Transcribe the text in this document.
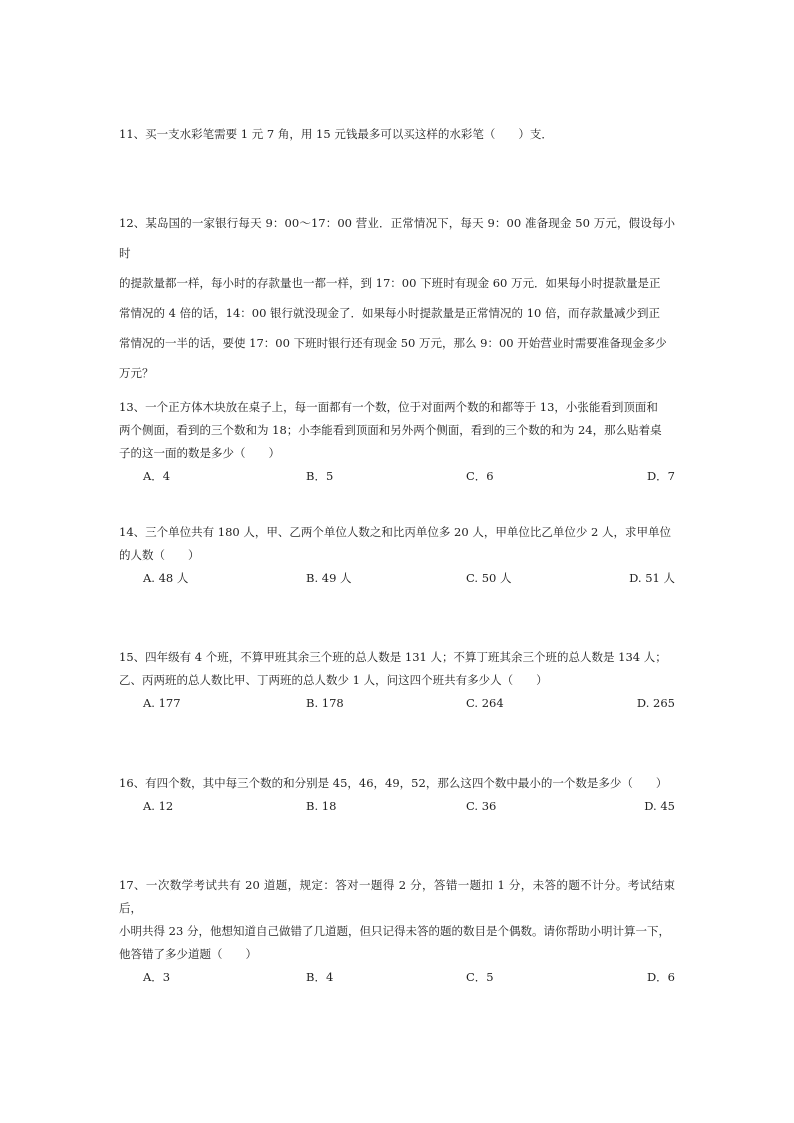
11、买一支水彩笔需要 1 元 7 角，用 15 元钱最多可以买这样的水彩笔（　　）支．

12、某岛国的一家银行每天 9：00～17：00 营业．正常情况下，每天 9：00 准备现金 50 万元，假设每小时

的提款量都一样，每小时的存款量也一都一样，到 17：00 下班时有现金 60 万元．如果每小时提款量是正

常情况的 4 倍的话，14：00 银行就没现金了．如果每小时提款量是正常情况的 10 倍，而存款量减少到正

常情况的一半的话，要使 17：00 下班时银行还有现金 50 万元，那么 9：00 开始营业时需要准备现金多少

万元？

13、一个正方体木块放在桌子上，每一面都有一个数，位于对面两个数的和都等于 13，小张能看到顶面和

两个侧面，看到的三个数和为 18；小李能看到顶面和另外两个侧面，看到的三个数的和为 24，那么贴着桌

子的这一面的数是多少（　　）

A．4	B．5	C．6	D．7

14、三个单位共有 180 人，甲、乙两个单位人数之和比丙单位多 20 人，甲单位比乙单位少 2 人，求甲单位

的人数（　　）

A. 48 人	B. 49 人	C. 50 人	D. 51 人

15、四年级有 4 个班，不算甲班其余三个班的总人数是 131 人；不算丁班其余三个班的总人数是 134 人；

乙、丙两班的总人数比甲、丁两班的总人数少 1 人，问这四个班共有多少人（　　）

A. 177	B. 178	C. 264	D. 265

16、有四个数，其中每三个数的和分别是 45，46，49，52，那么这四个数中最小的一个数是多少（　　）

A. 12	B. 18	C. 36	D. 45

17、一次数学考试共有 20 道题，规定：答对一题得 2 分，答错一题扣 1 分，未答的题不计分。考试结束后，

小明共得 23 分，他想知道自己做错了几道题，但只记得未答的题的数目是个偶数。请你帮助小明计算一下，

他答错了多少道题（　　）

A．3	B．4	C．5	D．6
